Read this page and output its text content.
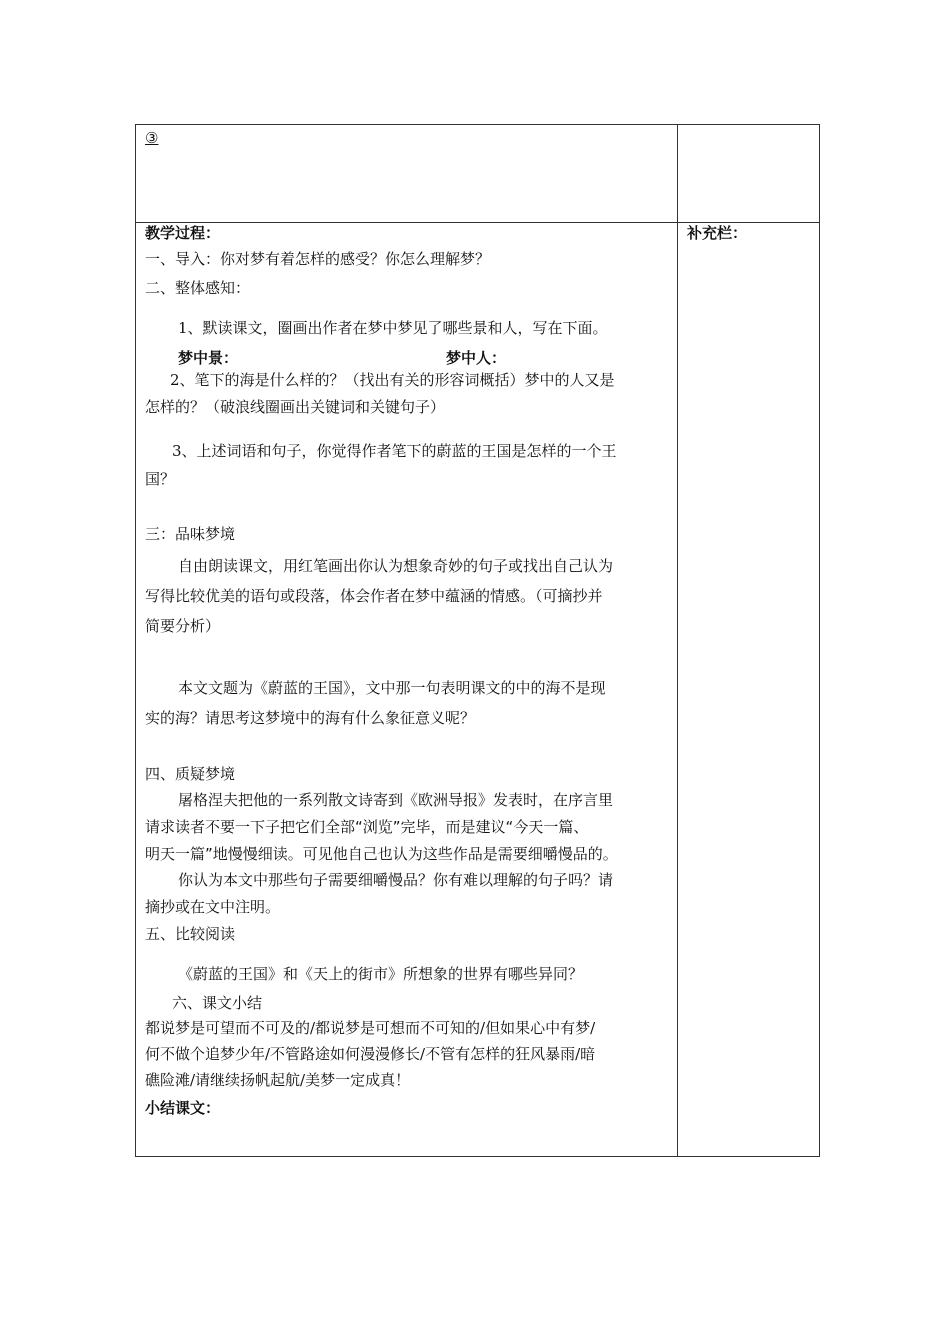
③
补充栏：
教学过程：
一、导入：你对梦有着怎样的感受？你怎么理解梦？
二、整体感知：
1、默读课文，圈画出作者在梦中梦见了哪些景和人，写在下面。
梦中景：	梦中人：
2、笔下的海是什么样的？（找出有关的形容词概括）梦中的人又是
怎样的？（破浪线圈画出关键词和关键句子）
3、上述词语和句子，你觉得作者笔下的蔚蓝的王国是怎样的一个王
国？
三：品味梦境
自由朗读课文，用红笔画出你认为想象奇妙的句子或找出自己认为
写得比较优美的语句或段落，体会作者在梦中蕴涵的情感。（可摘抄并
简要分析）
本文文题为《蔚蓝的王国》，文中那一句表明课文的中的海不是现
实的海？请思考这梦境中的海有什么象征意义呢？
四、质疑梦境
屠格涅夫把他的一系列散文诗寄到《欧洲导报》发表时，在序言里
请求读者不要一下子把它们全部“浏览”完毕，而是建议“今天一篇、
明天一篇”地慢慢细读。可见他自己也认为这些作品是需要细嚼慢品的。
你认为本文中那些句子需要细嚼慢品？你有难以理解的句子吗？请
摘抄或在文中注明。
五、比较阅读
《蔚蓝的王国》和《天上的街市》所想象的世界有哪些异同？
六、课文小结
都说梦是可望而不可及的/都说梦是可想而不可知的/但如果心中有梦/
何不做个追梦少年/不管路途如何漫漫修长/不管有怎样的狂风暴雨/暗
礁险滩/请继续扬帆起航/美梦一定成真！
小结课文：
